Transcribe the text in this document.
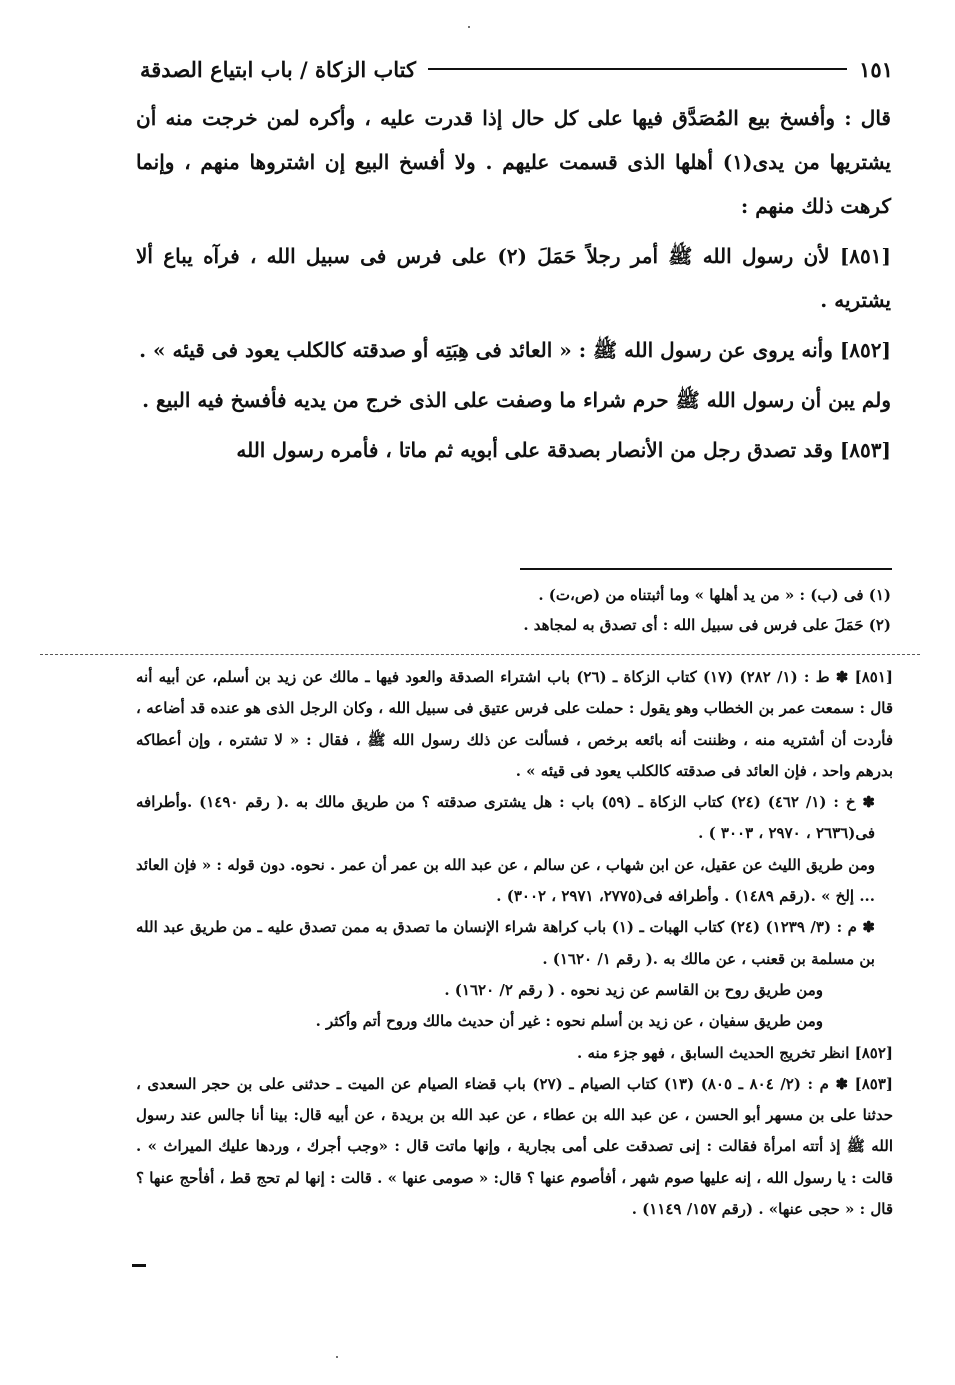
كتاب الزكاة / باب ابتياع الصدقة	١٥١

قال : وأفسخ بيع المُصَدَّق فيها على كل حال إذا قدرت عليه ، وأكره لمن خرجت منه أن يشتريها من يدى(١) أهلها الذى قسمت عليهم . ولا أفسخ البيع إن اشتروها منهم ، وإنما كرهت ذلك منهم :

[٨٥١] لأن رسول الله ﷺ أمر رجلاً حَمَلَ (٢) على فرس فى سبيل الله ، فرآه يباع ألا يشتريه .

[٨٥٢] وأنه يروى عن رسول الله ﷺ : « العائد فى هِبَتِه أو صدقته كالكلب يعود فى قيئه » .

ولم يبن أن رسول الله ﷺ حرم شراء ما وصفت على الذى خرج من يديه فأفسخ فيه البيع .

[٨٥٣] وقد تصدق رجل من الأنصار بصدقة على أبويه ثم ماتا ، فأمره رسول الله

(١) فى (ب) : « من يد أهلها » وما أثبتناه من (ص،ت) .

(٢) حَمَلَ على فرس فى سبيل الله : أى تصدق به لمجاهد .

[٨٥١] ✽ ط : (١/ ٢٨٢) (١٧) كتاب الزكاة ـ (٢٦) باب اشتراء الصدقة والعود فيها ـ مالك عن زيد بن أسلم، عن أبيه أنه قال : سمعت عمر بن الخطاب وهو يقول : حملت على فرس عتيق فى سبيل الله ، وكان الرجل الذى هو عنده قد أضاعه ، فأردت أن أشتريه منه ، وظننت أنه بائعه برخص ، فسألت عن ذلك رسول الله ﷺ ، فقال : « لا تشتره ، وإن أعطاكه بدرهم واحد ، فإن العائد فى صدقته كالكلب يعود فى قيئه » .

✽ خ : (١/ ٤٦٢) (٢٤) كتاب الزكاة ـ (٥٩) باب : هل يشترى صدقته ؟ من طريق مالك به .( رقم ١٤٩٠) .وأطرافه فى(٢٦٣٦ ، ٢٩٧٠ ، ٣٠٠٣ ) .

ومن طريق الليث عن عقيل، عن ابن شهاب ، عن سالم ، عن عبد الله بن عمر أن عمر . نحوه. دون قوله : « فإن العائد ... إلخ » .(رقم ١٤٨٩) . وأطرافه فى(٢٧٧٥، ٢٩٧١ ، ٣٠٠٢) .

✽ م : (٣/ ١٢٣٩) (٢٤) كتاب الهبات ـ (١) باب كراهة شراء الإنسان ما تصدق به ممن تصدق عليه ـ من طريق عبد الله بن مسلمة بن قعنب ، عن مالك به .( رقم ١/ ١٦٢٠) .

ومن طريق روح بن القاسم عن زيد نحوه . ( رقم ٢/ ١٦٢٠) .

ومن طريق سفيان ، عن زيد بن أسلم نحوه : غير أن حديث مالك وروح أتم وأكثر .

[٨٥٢] انظر تخريج الحديث السابق ، فهو جزء منه .

[٨٥٣] ✽ م : (٢/ ٨٠٤ ـ ٨٠٥) (١٣) كتاب الصيام ـ (٢٧) باب قضاء الصيام عن الميت ـ حدثنى على بن حجر السعدى ، حدثنا على بن مسهر أبو الحسن ، عن عبد الله بن عطاء ، عن عبد الله بن بريدة ، عن أبيه قال: بينا أنا جالس عند رسول الله ﷺ إذ أتته امرأة فقالت : إنى تصدقت على أمى بجارية ، وإنها ماتت قال : «وجب أجرك ، وردها عليك الميراث » . قالت : يا رسول الله ، إنه عليها صوم شهر ، أفأصوم عنها ؟ قال: « صومى عنها » . قالت : إنها لم تحج قط ، أفأحج عنها ؟ قال : « حجى عنها» . (رقم ١٥٧/ ١١٤٩) .
